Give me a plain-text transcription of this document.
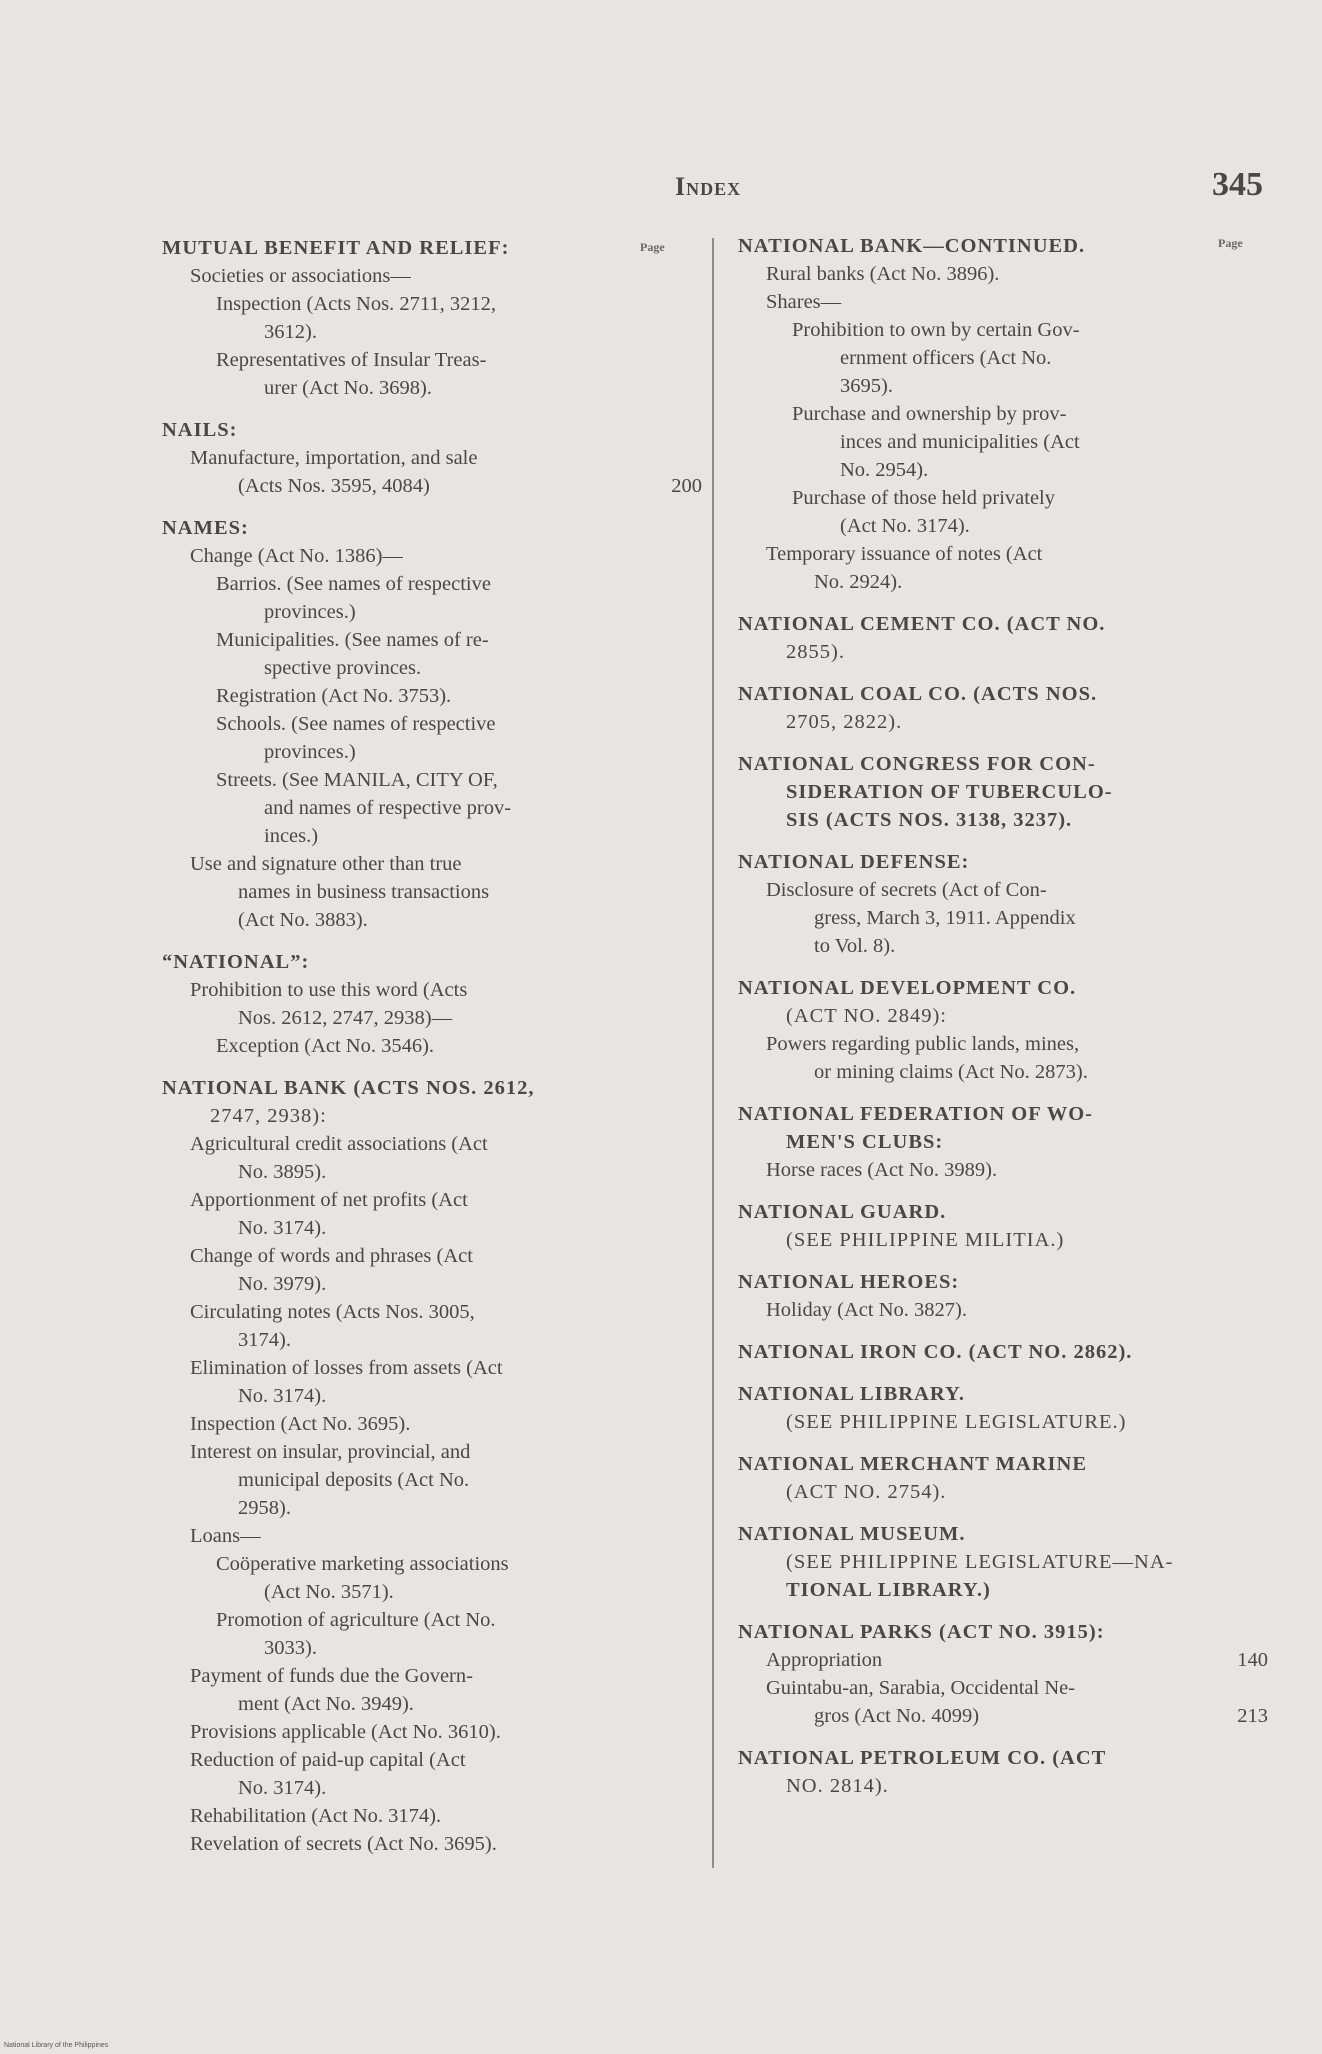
Index	345
Page	Page
MUTUAL BENEFIT AND RELIEF:
Societies or associations—
Inspection (Acts Nos. 2711, 3212,
3612).
Representatives of Insular Treas-
urer (Act No. 3698).
NAILS:
Manufacture, importation, and sale
(Acts Nos. 3595, 4084)	200
NAMES:
Change (Act No. 1386)—
Barrios. (See names of respective
provinces.)
Municipalities. (See names of re-
spective provinces.
Registration (Act No. 3753).
Schools. (See names of respective
provinces.)
Streets. (See MANILA, CITY OF,
and names of respective prov-
inces.)
Use and signature other than true
names in business transactions
(Act No. 3883).
“NATIONAL”:
Prohibition to use this word (Acts
Nos. 2612, 2747, 2938)—
Exception (Act No. 3546).
NATIONAL BANK (ACTS NOS. 2612,
2747, 2938):
Agricultural credit associations (Act
No. 3895).
Apportionment of net profits (Act
No. 3174).
Change of words and phrases (Act
No. 3979).
Circulating notes (Acts Nos. 3005,
3174).
Elimination of losses from assets (Act
No. 3174).
Inspection (Act No. 3695).
Interest on insular, provincial, and
municipal deposits (Act No.
2958).
Loans—
Coöperative marketing associations
(Act No. 3571).
Promotion of agriculture (Act No.
3033).
Payment of funds due the Govern-
ment (Act No. 3949).
Provisions applicable (Act No. 3610).
Reduction of paid-up capital (Act
No. 3174).
Rehabilitation (Act No. 3174).
Revelation of secrets (Act No. 3695).
NATIONAL BANK—CONTINUED.
Rural banks (Act No. 3896).
Shares—
Prohibition to own by certain Gov-
ernment officers (Act No.
3695).
Purchase and ownership by prov-
inces and municipalities (Act
No. 2954).
Purchase of those held privately
(Act No. 3174).
Temporary issuance of notes (Act
No. 2924).
NATIONAL CEMENT CO. (ACT NO.
2855).
NATIONAL COAL CO. (ACTS NOS.
2705, 2822).
NATIONAL CONGRESS FOR CON-
SIDERATION OF TUBERCULO-
SIS (ACTS NOS. 3138, 3237).
NATIONAL DEFENSE:
Disclosure of secrets (Act of Con-
gress, March 3, 1911. Appendix
to Vol. 8).
NATIONAL DEVELOPMENT CO.
(ACT NO. 2849):
Powers regarding public lands, mines,
or mining claims (Act No. 2873).
NATIONAL FEDERATION OF WO-
MEN'S CLUBS:
Horse races (Act No. 3989).
NATIONAL GUARD.
(SEE PHILIPPINE MILITIA.)
NATIONAL HEROES:
Holiday (Act No. 3827).
NATIONAL IRON CO. (ACT NO. 2862).
NATIONAL LIBRARY.
(SEE PHILIPPINE LEGISLATURE.)
NATIONAL MERCHANT MARINE
(ACT NO. 2754).
NATIONAL MUSEUM.
(SEE PHILIPPINE LEGISLATURE—NA-
TIONAL LIBRARY.)
NATIONAL PARKS (ACT NO. 3915):
Appropriation	140
Guintabu-an, Sarabia, Occidental Ne-
gros (Act No. 4099)	213
NATIONAL PETROLEUM CO. (ACT
NO. 2814).
National Library of the Philippines
